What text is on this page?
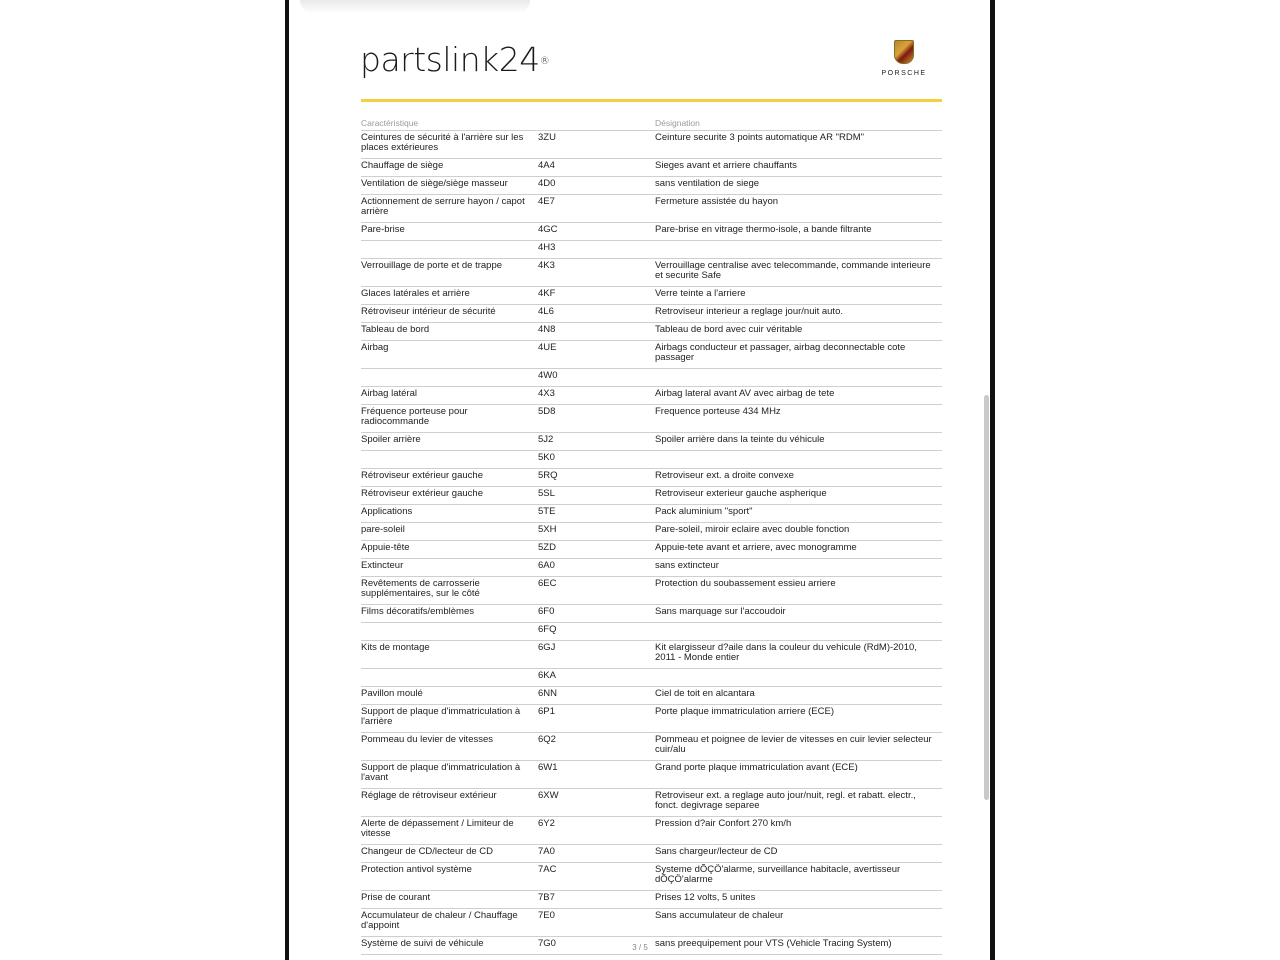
partslink24®
PORSCHE
Caractéristique		Désignation
Ceintures de sécurité à l'arrière sur les places extérieures	3ZU	Ceinture securite 3 points automatique AR "RDM"
Chauffage de siège	4A4	Sieges avant et arriere chauffants
Ventilation de siège/siège masseur	4D0	sans ventilation de siege
Actionnement de serrure hayon / capot arrière	4E7	Fermeture assistée du hayon
Pare-brise	4GC	Pare-brise en vitrage thermo-isole, a bande filtrante
	4H3	
Verrouillage de porte et de trappe	4K3	Verrouillage centralise avec telecommande, commande interieure et securite Safe
Glaces latérales et arrière	4KF	Verre teinte a l'arriere
Rétroviseur intérieur de sécurité	4L6	Retroviseur interieur a reglage jour/nuit auto.
Tableau de bord	4N8	Tableau de bord avec cuir véritable
Airbag	4UE	Airbags conducteur et passager, airbag deconnectable cote passager
	4W0	
Airbag latéral	4X3	Airbag lateral avant AV avec airbag de tete
Fréquence porteuse pour radiocommande	5D8	Frequence porteuse 434 MHz
Spoiler arrière	5J2	Spoiler arrière dans la teinte du véhicule
	5K0	
Rétroviseur extérieur gauche	5RQ	Retroviseur ext. a droite convexe
Rétroviseur extérieur gauche	5SL	Retroviseur exterieur gauche aspherique
Applications	5TE	Pack aluminium "sport"
pare-soleil	5XH	Pare-soleil, miroir eclaire avec double fonction
Appuie-tête	5ZD	Appuie-tete avant et arriere, avec monogramme
Extincteur	6A0	sans extincteur
Revêtements de carrosserie supplémentaires, sur le côté	6EC	Protection du soubassement essieu arriere
Films décoratifs/emblèmes	6F0	Sans marquage sur l'accoudoir
	6FQ	
Kits de montage	6GJ	Kit elargisseur d?aile dans la couleur du vehicule (RdM)-2010, 2011 - Monde entier
	6KA	
Pavillon moulé	6NN	Ciel de toit en alcantara
Support de plaque d'immatriculation à l'arrière	6P1	Porte plaque immatriculation arriere (ECE)
Pommeau du levier de vitesses	6Q2	Pommeau et poignee de levier de vitesses en cuir levier selecteur cuir/alu
Support de plaque d'immatriculation à l'avant	6W1	Grand porte plaque immatriculation avant (ECE)
Réglage de rétroviseur extérieur	6XW	Retroviseur ext. a reglage auto jour/nuit, regl. et rabatt. electr., fonct. degivrage separee
Alerte de dépassement / Limiteur de vitesse	6Y2	Pression d?air Confort 270 km/h
Changeur de CD/lecteur de CD	7A0	Sans chargeur/lecteur de CD
Protection antivol système	7AC	Systeme dÕÇÖ'alarme, surveillance habitacle, avertisseur dÕÇÖ'alarme
Prise de courant	7B7	Prises 12 volts, 5 unites
Accumulateur de chaleur / Chauffage d'appoint	7E0	Sans accumulateur de chaleur
Système de suivi de véhicule	7G0	sans preequipement pour VTS (Vehicle Tracing System)
3 / 5
